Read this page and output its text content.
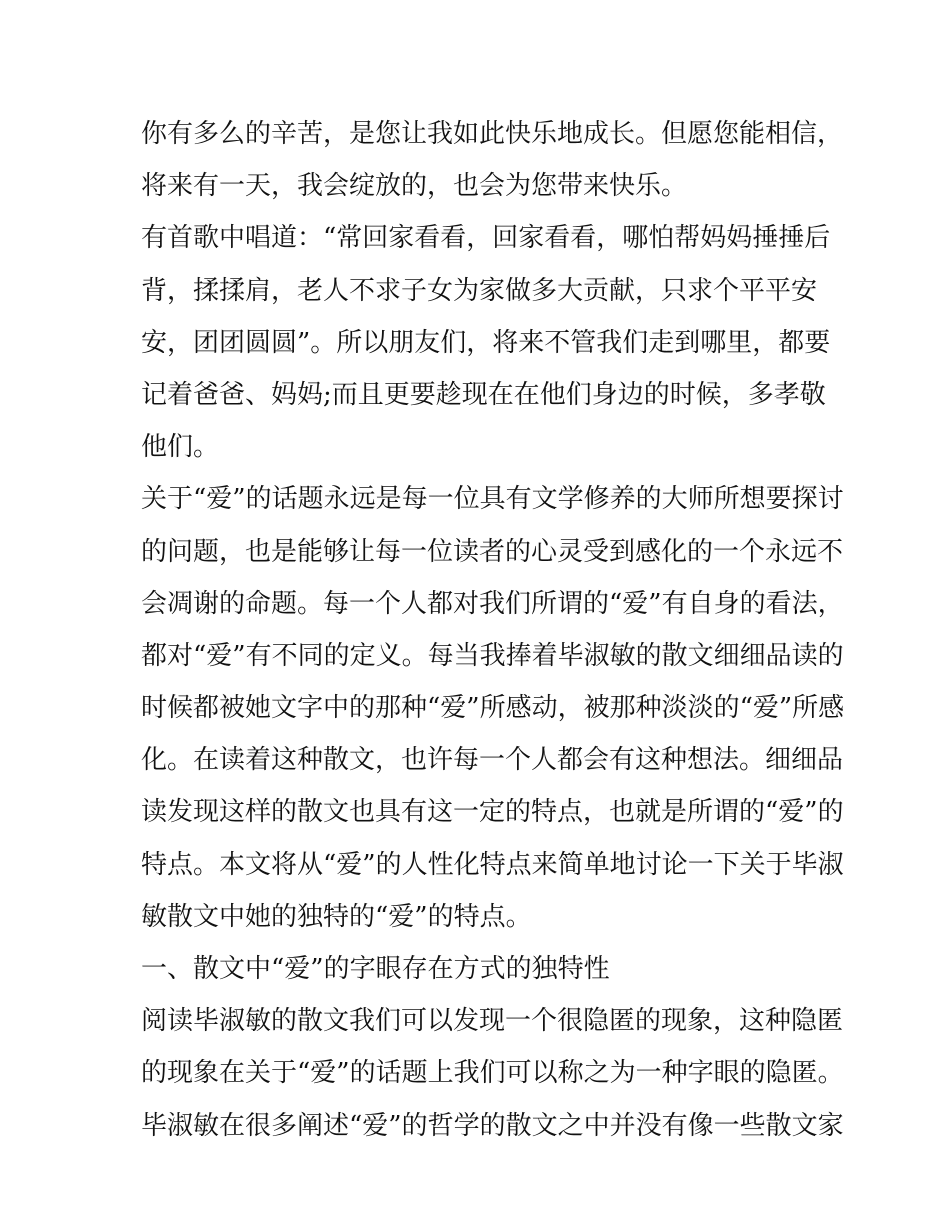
你有多么的辛苦，是您让我如此快乐地成长。但愿您能相信，
将来有一天，我会绽放的，也会为您带来快乐。
有首歌中唱道：“常回家看看，回家看看，哪怕帮妈妈捶捶后
背，揉揉肩，老人不求子女为家做多大贡献，只求个平平安
安，团团圆圆”。所以朋友们，将来不管我们走到哪里，都要
记着爸爸、妈妈;而且更要趁现在在他们身边的时候，多孝敬
他们。
关于“爱”的话题永远是每一位具有文学修养的大师所想要探讨
的问题，也是能够让每一位读者的心灵受到感化的一个永远不
会凋谢的命题。每一个人都对我们所谓的“爱”有自身的看法，
都对“爱”有不同的定义。每当我捧着毕淑敏的散文细细品读的
时候都被她文字中的那种“爱”所感动，被那种淡淡的“爱”所感
化。在读着这种散文，也许每一个人都会有这种想法。细细品
读发现这样的散文也具有这一定的特点，也就是所谓的“爱”的
特点。本文将从“爱”的人性化特点来简单地讨论一下关于毕淑
敏散文中她的独特的“爱”的特点。
一、散文中“爱”的字眼存在方式的独特性
阅读毕淑敏的散文我们可以发现一个很隐匿的现象，这种隐匿
的现象在关于“爱”的话题上我们可以称之为一种字眼的隐匿。
毕淑敏在很多阐述“爱”的哲学的散文之中并没有像一些散文家
